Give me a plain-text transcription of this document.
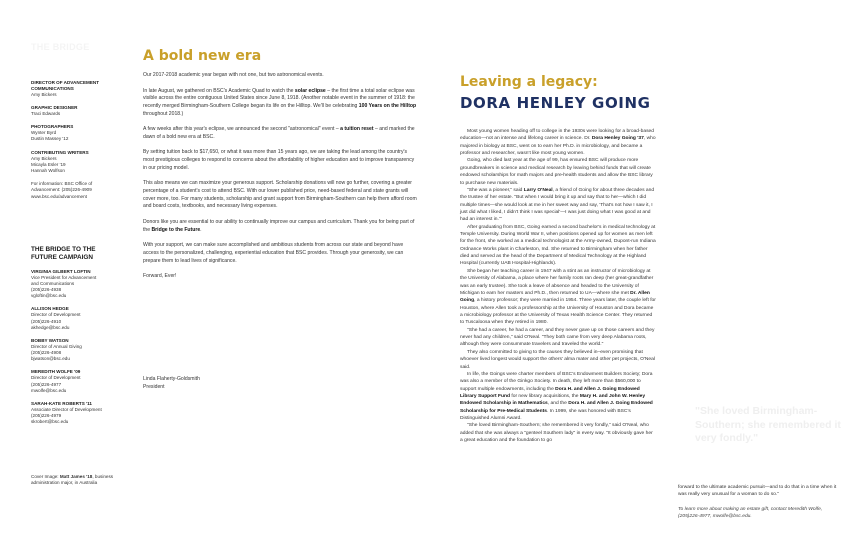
THE BRIDGE
DIRECTOR OF ADVANCEMENT COMMUNICATIONS
Amy Bickers
GRAPHIC DESIGNER
Traci Edwards
PHOTOGRAPHERS
Wynter Byrd
Dustin Massey '12
CONTRIBUTING WRITERS
Amy Bickers
Micayla Esler '19
Hannah Wolfson
For information: BSC Office of
Advancement: (205)226-4909
www.bsc.edu/advancement
THE BRIDGE TO THE
FUTURE CAMPAIGN
VIRGINIA GILBERT LOFTIN
Vice President for Advancement
and Communications
(205)226-4938
vgloftin@bsc.edu
ALLISON HEDGE
Director of Development
(205)226-4910
akhedge@bsc.edu
BOBBY WATSON
Director of Annual Giving
(205)226-4908
bjwatson@bsc.edu
MEREDITH WOLFE '09
Director of Development
(205)226-4977
mwolfe@bsc.edu
SARAH-KATE ROBERTS '11
Associate Director of Development
(205)226-4979
skrobert@bsc.edu
Cover Image: Matt James '18, business administration major, in Australia
A bold new era

Our 2017-2018 academic year began with not one, but two astronomical events.

In late August, we gathered on BSC's Academic Quad to watch the solar eclipse – the first time a total solar eclipse was visible across the entire contiguous United States since June 8, 1918. (Another notable event in the summer of 1918: the recently merged Birmingham-Southern College began its life on the Hilltop. We'll be celebrating 100 Years on the Hilltop throughout 2018.)

A few weeks after this year's eclipse, we announced the second "astronomical" event – a tuition reset – and marked the dawn of a bold new era at BSC.

By setting tuition back to $17,650, or what it was more than 15 years ago, we are taking the lead among the country's most prestigious colleges to respond to concerns about the affordability of higher education and to improve transparency in our pricing model.

This also means we can maximize your generous support. Scholarship donations will now go further, covering a greater percentage of a student's cost to attend BSC. With our lower published price, need-based federal and state grants will cover more, too. For many students, scholarship and grant support from Birmingham-Southern can help them afford room and board costs, textbooks, and necessary living expenses.

Donors like you are essential to our ability to continually improve our campus and curriculum. Thank you for being part of the Bridge to the Future.

With your support, we can make sure accomplished and ambitious students from across our state and beyond have access to the personalized, challenging, experiential education that BSC provides. Through your generosity, we can prepare them to lead lives of significance.

Forward, Ever!

Linda Flaherty-Goldsmith
President
Leaving a legacy:
DORA HENLEY GOING

Most young women heading off to college in the 1930s were looking for a broad-based education—not an intense and lifelong career in science. Dr. Dora Henley Going '37, who majored in biology at BSC, went on to earn her Ph.D. in microbiology, and became a professor and researcher, wasn't like most young women.

Going, who died last year at the age of 99, has ensured BSC will produce more groundbreakers in science and medical research by leaving behind funds that will create endowed scholarships for math majors and pre-health students and allow the BSC library to purchase new materials.

"She was a pioneer," said Larry O'Neal, a friend of Going for about three decades and the trustee of her estate. "But when I would bring it up and say that to her—which I did multiple times—she would look at me in her sweet way and say, 'That's not how I saw it, I just did what I liked, I didn't think I was special'—I was just doing what I was good at and had an interest in.'"

After graduating from BSC, Going earned a second bachelor's in medical technology at Temple University. During World War II, when positions opened up for women as men left for the front, she worked as a medical technologist at the Army-owned, Dupont-run Indiana Ordnance Works plant in Charleston, Ind. She returned to Birmingham when her father died and served as the head of the Department of Medical Technology at the Highland Hospital (currently UAB Hospital-Highlands).

She began her teaching career in 1947 with a stint as an instructor of microbiology at the University of Alabama, a place where her family roots ran deep (her great-grandfather was an early trustee). She took a leave of absence and headed to the University of Michigan to earn her masters and Ph.D., then returned to UA—where she met Dr. Allen Going, a history professor; they were married in 1954. Three years later, the couple left for Houston, where Allen took a professorship at the University of Houston and Dora became a microbiology professor at the University of Texas Health Science Center. They returned to Tuscaloosa when they retired in 1980.

"She had a career, he had a career, and they never gave up on those careers and they never had any children," said O'Neal. "They both came from very deep Alabama roots, although they were consummate travelers and traveled the world."

They also committed to giving to the causes they believed in–even promising that whoever lived longest would support the others' alma mater and other pet projects, O'Neal said.

In life, the Goings were charter members of BSC's Endowment Builders Society; Dora was also a member of the Ginkgo Society. In death, they left more than $560,000 to support multiple endowments, including the Dora H. and Allen J. Going Endowed Library Support Fund for new library acquisitions, the Mary H. and John W. Henley Endowed Scholarship in Mathematics, and the Dora H. and Allen J. Going Endowed Scholarship for Pre-Medical Students. In 1999, she was honored with BSC's Distinguished Alumni Award.

"She loved Birmingham-Southern; she remembered it very fondly," said O'Neal, who added that she was always a "genteel Southern lady" in every way. "It obviously gave her a great education and the foundation to go

"She loved Birmingham-Southern; she remembered it very fondly."

forward to the ultimate academic pursuit—and to do that in a time when it was really very unusual for a woman to do so."

To learn more about making an estate gift, contact Meredith Wolfe, (205)226-4977, mwolfe@bsc.edu.
